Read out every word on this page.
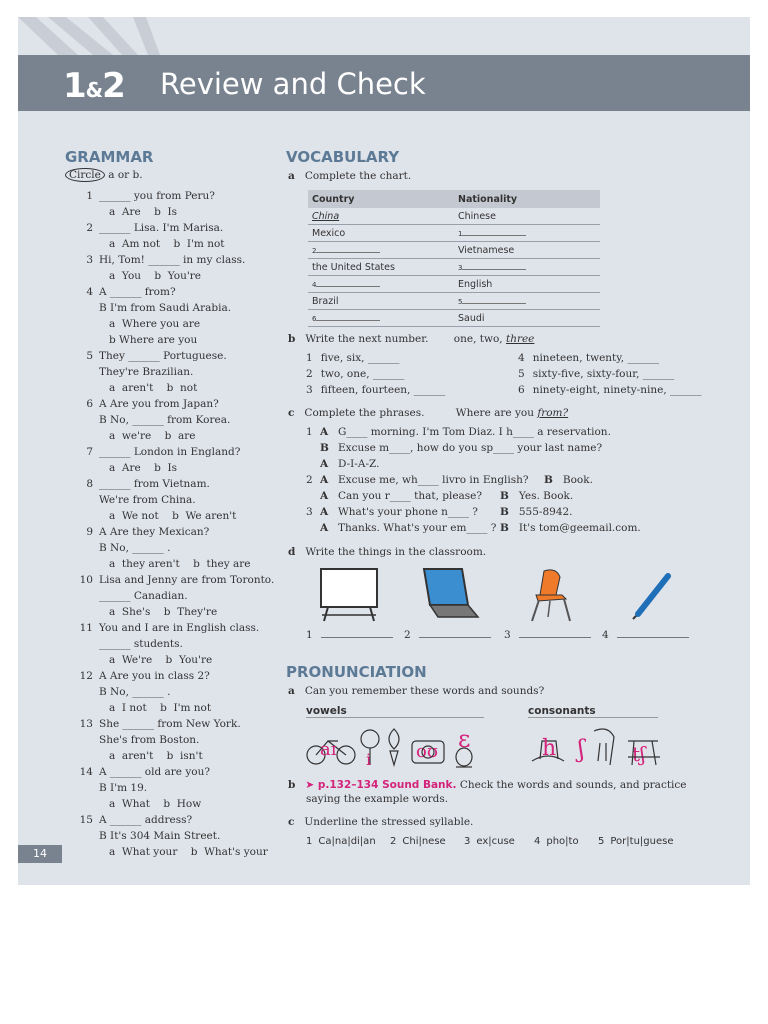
1&2 Review and Check
GRAMMAR
Circle a or b.
1 ______ you from Peru?
a  Are    b  Is
2 ______ Lisa. I'm Marisa.
a  Am not    b  I'm not
3 Hi, Tom! ______ in my class.
a  You    b  You're
4 A ______ from?
B I'm from Saudi Arabia.
a  Where you are
b Where are you
5 They ______ Portuguese.
They're Brazilian.
a  aren't    b  not
6 A Are you from Japan?
B No, ______ from Korea.
a  we're    b  are
7 ______ London in England?
a  Are    b  Is
8 ______ from Vietnam.
We're from China.
a  We not    b  We aren't
9 A Are they Mexican?
B No, ______ .
a  they aren't    b  they are
10 Lisa and Jenny are from Toronto.
______ Canadian.
a  She's    b  They're
11 You and I are in English class.
______ students.
a  We're    b  You're
12 A Are you in class 2?
B No, ______ .
a  I not    b  I'm not
13 She ______ from New York.
She's from Boston.
a  aren't    b  isn't
14 A ______ old are you?
B I'm 19.
a  What    b  How
15 A ______ address?
B It's 304 Main Street.
a  What your    b  What's your
VOCABULARY
a Complete the chart.
Country	Nationality
China	Chinese
Mexico	1
2	Vietnamese
the United States	3
4	English
Brazil	5
6	Saudi
b Write the next number. one, two, three
1 five, six, ______
2 two, one, ______
3 fifteen, fourteen, ______
4 nineteen, twenty, ______
5 sixty-five, sixty-four, ______
6 ninety-eight, ninety-nine, ______
c Complete the phrases.	Where are you from?
1 A G____ morning. I'm Tom Diaz. I h____ a reservation.
B Excuse m____, how do you sp____ your last name?
A D-I-A-Z.
2 A Excuse me, wh____ livro in English? B Book.
A Can you r____ that, please? B Yes. Book.
3 A What's your phone n____ ? B 555-8942.
A Thanks. What's your em____ ? B It's tom@geemail.com.
d Write the things in the classroom.
1	2	3	4
PRONUNCIATION
a Can you remember these words and sounds?
vowels	consonants
aɪ i oʊ ɛ	h ʃ tʃ
b ➤ p.132–134 Sound Bank. Check the words and sounds, and practice
saying the example words.
c Underline the stressed syllable.
1 Ca|na|di|an 2 Chi|nese 3 ex|cuse 4 pho|to 5 Por|tu|guese
14
